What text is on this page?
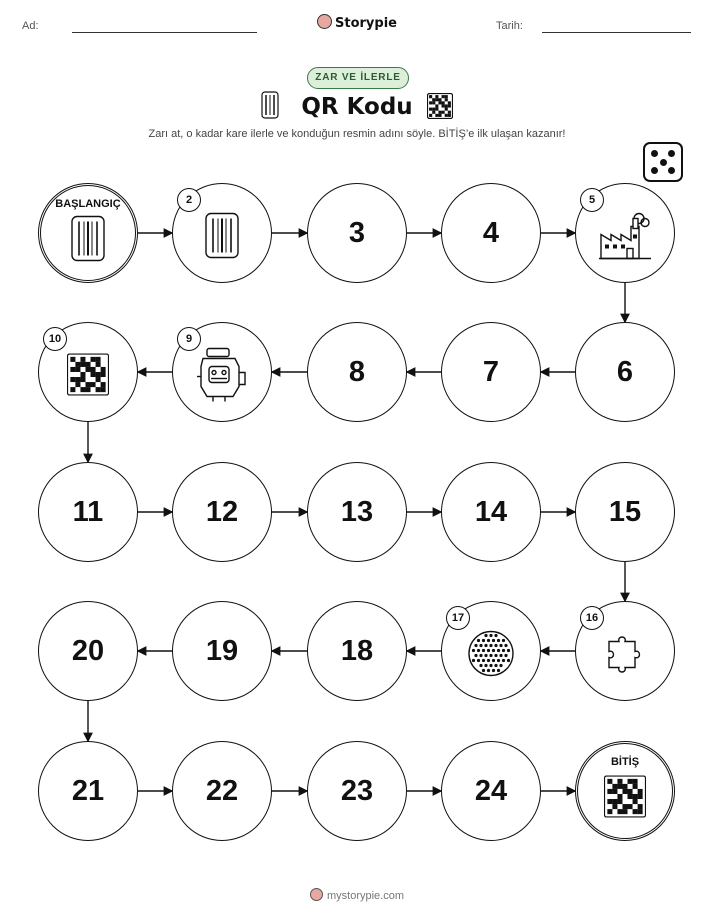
Ad:	Storypie	Tarih:
ZAR VE İLERLE
QR Kodu
Zarı at, o kadar kare ilerle ve konduğun resmin adını söyle. BİTİŞ’e ilk ulaşan kazanır!
BAŞLANGIÇ	2
3	4
5
6
7
8
9
10
11	12	13	14	15
16
17
18
19
20
21	22	23	24
BİTİŞ
mystorypie.com
